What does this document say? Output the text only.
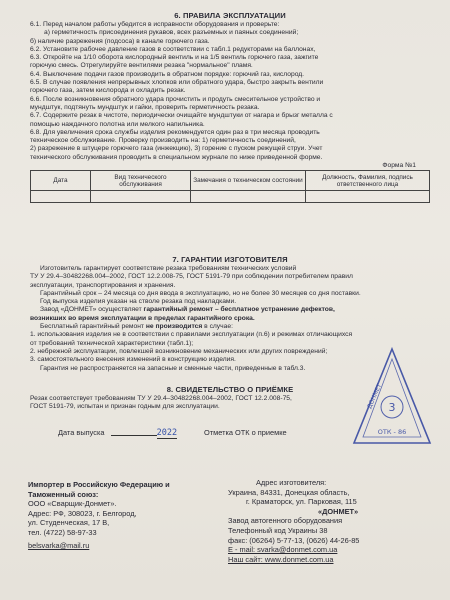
6. ПРАВИЛА ЭКСПЛУАТАЦИИ

6.1. Перед началом работы убедится в исправности оборудования и проверьте:

а) герметичность присоединения рукавов, всех разъемных и паяных соединений;

б) наличие разрежения (подсоса) в канале горючего газа.

6.2. Установите рабочее давление газов в соответствии с табл.1 редукторами на баллонах,

6.3. Откройте на 1/10 оборота кислородный вентиль и на 1/5 вентиль горючего газа, зажгите

горючую смесь. Отрегулируйте вентилями резака "нормальное" пламя.

6.4. Выключение подачи газов производить в обратном порядке: горючий газ, кислород.

6.5. В случае появления непрерывных хлопков или обратного удара, быстро закрыть вентили

горючего газа, затем кислорода и охладить резак.

6.6. После возникновения обратного удара прочистить и продуть смесительное устройство и

мундштук, подтянуть мундштук и гайки, проверить герметичность резака.

6.7. Содержите резак в чистоте, периодически очищайте мундштуки от нагара и брызг металла с

помощью наждачного полотна или мелкого напильника.

6.8. Для увеличения срока службы изделия рекомендуется один раз в три месяца проводить

техническое обслуживание. Проверку производить на: 1) герметичность соединений,

2) разрежение в штуцере горючего газа (инжекцию), 3) горение с пуском режущей струи. Учет

технического обслуживания проводить в специальном журнале по ниже приведенной форме.

Форма №1
Дата	Вид технического обслуживания	Замечания о техническом состоянии	Должность, Фамилия, подпись ответственного лица

7. ГАРАНТИИ ИЗГОТОВИТЕЛЯ

Изготовитель гарантирует соответствие резака требованиям технических условий

ТУ У 29.4–30482268.004–2002, ГОСТ 12.2.008-75, ГОСТ 5191-79 при соблюдении потребителем правил

эксплуатации, транспортирования и хранения.

Гарантийный срок – 24 месяца со дня ввода в эксплуатацию, но не более 30 месяцев со дня поставки.

Год выпуска изделия указан на стволе резака под накладками.

Завод «ДОНМЕТ» осуществляет гарантийный ремонт – бесплатное устранение дефектов,

возникших во время эксплуатации в пределах гарантийного срока.

Бесплатный гарантийный ремонт не производится в случае:

1. использования изделия не в соответствии с правилами эксплуатации (п.6) и режимах отличающихся

от требований технической характеристики (табл.1);

2. небрежной эксплуатации, повлекшей возникновение механических или других повреждений;

3. самостоятельного внесения изменений в конструкцию изделия.

Гарантия не распространяется на запасные и сменные части, приведенные в табл.3.

8. СВИДЕТЕЛЬСТВО О ПРИЁМКЕ

Резак соответствует требованиям ТУ У 29.4–30482268.004–2002, ГОСТ 12.2.008-75,

ГОСТ 5191-79, испытан и признан годным для эксплуатации.

Дата выпуска	2022	Отметка ОТК о приемке
3
ДОНМЕТ
ОТК - 86

Импортер в Российскую Федерацию и

Таможенный союз:

ООО «Сварщик-Донмет».

Адрес: РФ, 308023, г. Белгород,

ул. Студенческая, 17 В,

тел. (4722) 58-97-33

belsvarka@mail.ru

Адрес изготовителя:

Украина, 84331, Донецкая область,

г. Краматорск, ул. Парковая, 115

«ДОНМЕТ»

Завод автогенного оборудования

Телефонный код Украины 38

факс: (06264) 5-77-13, (0626) 44-26-85

E - mail: svarka@donmet.com.ua

Наш сайт: www.donmet.com.ua
